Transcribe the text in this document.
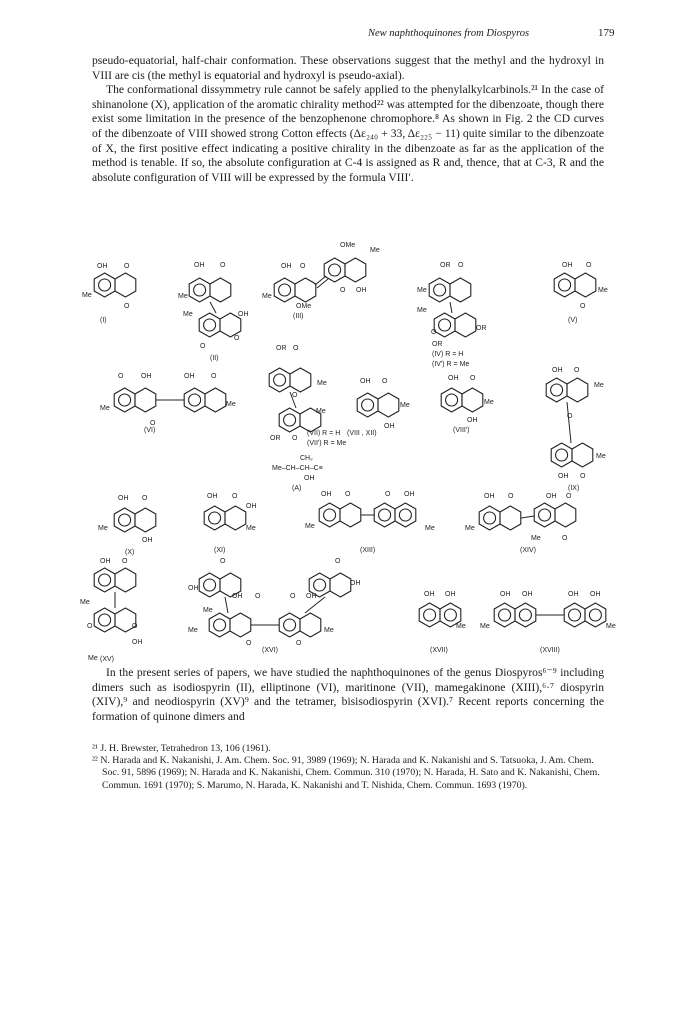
New naphthoquinones from Diospyros	179

pseudo-equatorial, half-chair conformation. These observations suggest that the methyl and the hydroxyl in VIII are cis (the methyl is equatorial and hydroxyl is pseudo-axial).

The conformational dissymmetry rule cannot be safely applied to the phenylalkylcarbinols.²¹ In the case of shinanolone (X), application of the aromatic chirality method²² was attempted for the dibenzoate, though there exist some limitation in the presence of the benzophenone chromophore.⁸ As shown in Fig. 2 the CD curves of the dibenzoate of VIII showed strong Cotton effects (Δε₂₄₀ + 33, Δε₂₂₅ − 11) quite similar to the dibenzoate of X, the first positive effect indicating a positive chirality in the dibenzoate as far as the application of the method is tenable. If so, the absolute configuration at C-4 is assigned as R and, thence, that at C-3, R and the absolute configuration of VIII will be expressed by the formula VIII′.

OH O
Me
O
(I)
OH O
Me
Me	OH
O
O
(II)
OMe
Me
OH O
Me
O OH
OMe
(III)
OR O
Me
Me
OR
O
OR
(IV) R = H
(IV′) R = Me
OH O
Me
O
(V)
O	OH	OH O
Me
Me
O
(VI)
OR O
Me
O
Me
(VII) R = H
OR O
(VII′) R = Me
OH O
Me
OH
(VIII , XII)
OH O
Me
OH
(VIII′)
OH O
Me
O
Me
OH O
(IX)
CH₂
Me–CH–CH–C≡
OH
(A)
OH O
Me
OH
(X)
OH O
OH
Me
(XI)
OH O	O OH
Me	Me
(XIII)
OH O	OH O
Me
Me	O
(XIV)
OH O
Me
O	O
OH
Me (XV)
O	O
OH
OH
OH O	O OH
Me
Me	Me
O	O
(XVI)
OH OH
Me
(XVII)
OH OH	OH OH
Me	Me
(XVIII)

In the present series of papers, we have studied the naphthoquinones of the genus Diospyros⁶⁻⁹ including dimers such as isodiospyrin (II), elliptinone (VI), maritinone (VII), mamegakinone (XIII),⁶·⁷ diospyrin (XIV),⁹ and neodiospyrin (XV)⁹ and the tetramer, bisisodiospyrin (XVI).⁷ Recent reports concerning the formation of quinone dimers and

²¹ J. H. Brewster, Tetrahedron 13, 106 (1961).

²² N. Harada and K. Nakanishi, J. Am. Chem. Soc. 91, 3989 (1969); N. Harada and K. Nakanishi and S. Tatsuoka, J. Am. Chem. Soc. 91, 5896 (1969); N. Harada and K. Nakanishi, Chem. Commun. 310 (1970); N. Harada, H. Sato and K. Nakanishi, Chem. Commun. 1691 (1970); S. Marumo, N. Harada, K. Nakanishi and T. Nishida, Chem. Commun. 1693 (1970).
